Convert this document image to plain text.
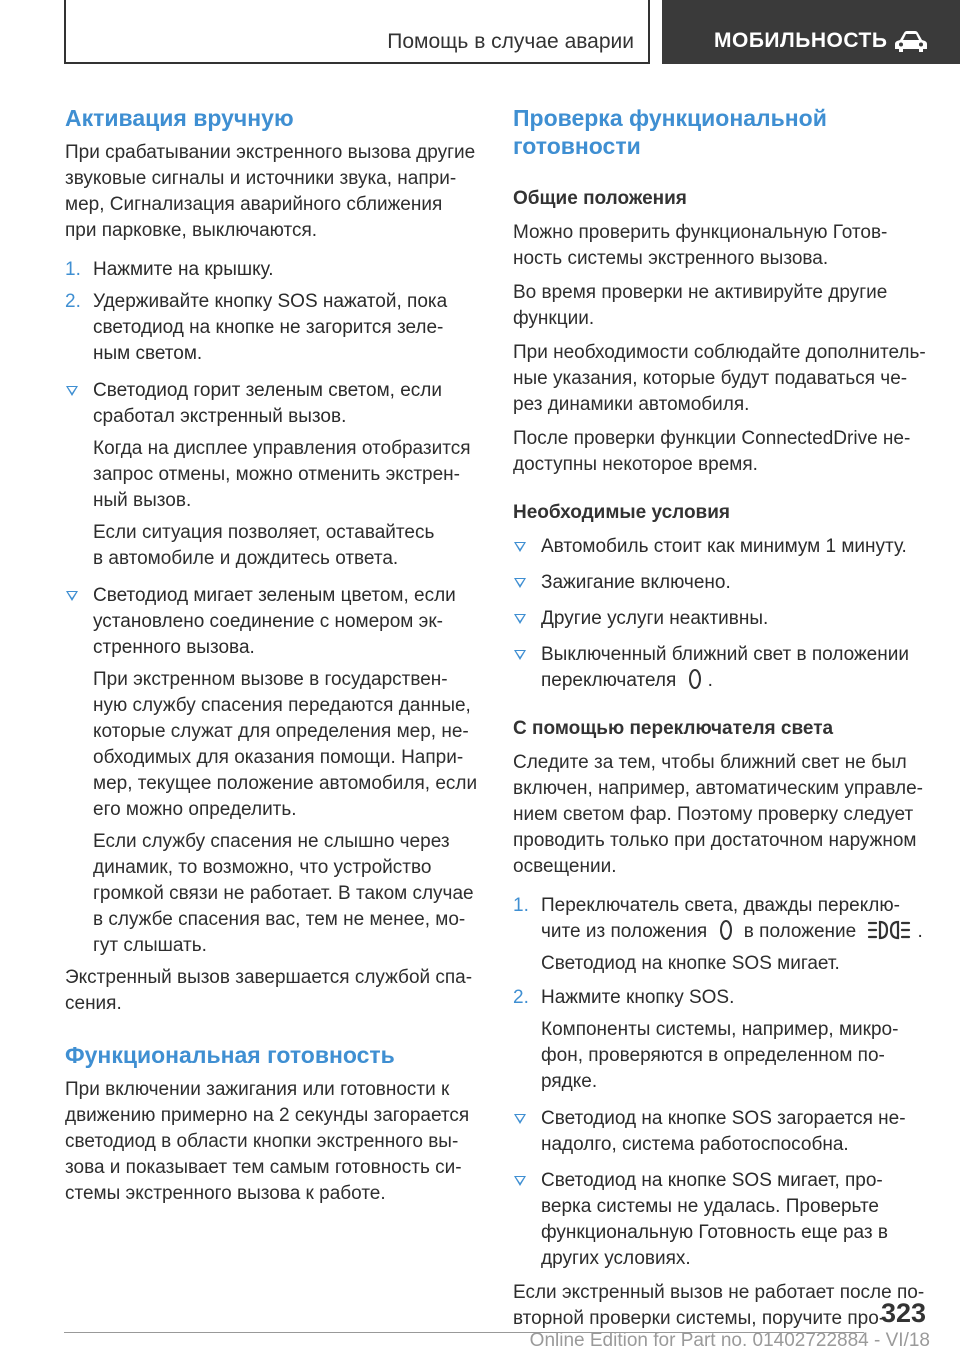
Помощь в случае аварии	МОБИЛЬНОСТЬ
Активация вручную

При срабатывании экстренного вызова другие
звуковые сигналы и источники звука, напри-
мер, Сигнализация аварийного сближения
при парковке, выключаются.

1. Нажмите на крышку.
2. Удерживайте кнопку SOS нажатой, пока
светодиод на кнопке не загорится зеле-
ным светом.
Светодиод горит зеленым светом, если
сработал экстренный вызов.

Когда на дисплее управления отобразится
запрос отмены, можно отменить экстрен-
ный вызов.

Если ситуация позволяет, оставайтесь
в автомобиле и дождитесь ответа.

Светодиод мигает зеленым цветом, если
установлено соединение с номером эк-
стренного вызова.

При экстренном вызове в государствен-
ную службу спасения передаются данные,
которые служат для определения мер, не-
обходимых для оказания помощи. Напри-
мер, текущее положение автомобиля, если
его можно определить.

Если службу спасения не слышно через
динамик, то возможно, что устройство
громкой связи не работает. В таком случае
в службе спасения вас, тем не менее, мо-
гут слышать.

Экстренный вызов завершается службой спа-
сения.

Функциональная готовность

При включении зажигания или готовности к
движению примерно на 2 секунды загорается
светодиод в области кнопки экстренного вы-
зова и показывает тем самым готовность си-
стемы экстренного вызова к работе.

Проверка функциональной
готовности
Общие положения

Можно проверить функциональную Готов-
ность системы экстренного вызова.

Во время проверки не активируйте другие
функции.

При необходимости соблюдайте дополнитель-
ные указания, которые будут подаваться че-
рез динамики автомобиля.

После проверки функции ConnectedDrive не-
доступны некоторое время.

Необходимые условия
Автомобиль стоит как минимум 1 минуту.
Зажигание включено.
Другие услуги неактивны.
Выключенный ближний свет в положении
переключателя .
С помощью переключателя света

Следите за тем, чтобы ближний свет не был
включен, например, автоматическим управле-
нием светом фар. Поэтому проверку следует
проводить только при достаточном наружном
освещении.

1. Переключатель света, дважды переклю-
чите из положения в положение	.

Светодиод на кнопке SOS мигает.

2. Нажмите кнопку SOS.

Компоненты системы, например, микро-
фон, проверяются в определенном по-
рядке.

Светодиод на кнопке SOS загорается не-
надолго, система работоспособна.
Светодиод на кнопке SOS мигает, про-
верка системы не удалась. Проверьте
функциональную Готовность еще раз в
других условиях.

Если экстренный вызов не работает после по-
вторной проверки системы, поручите про-

323
Online Edition for Part no. 01402722884 - VI/18
